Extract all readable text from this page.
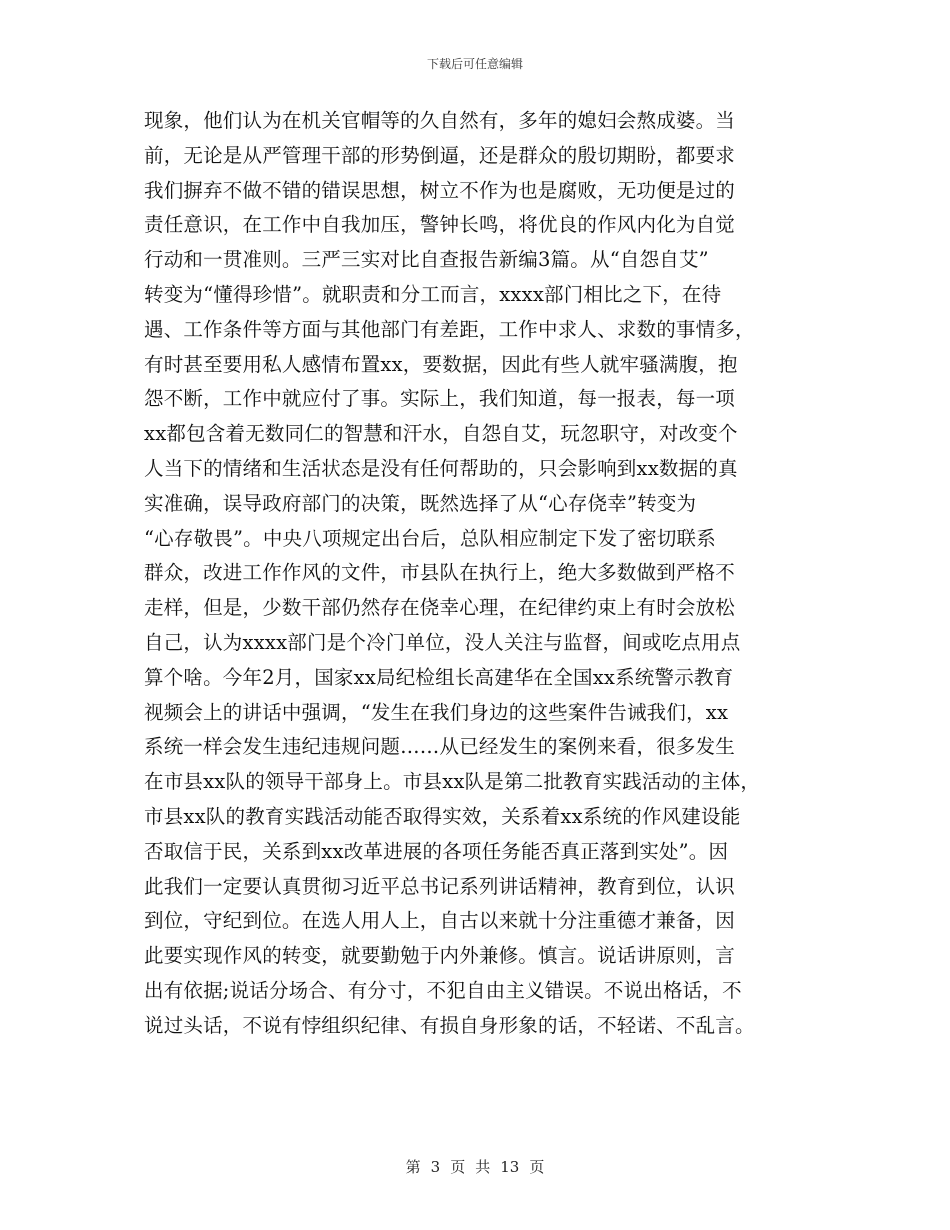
下载后可任意编辑
现象，他们认为在机关官帽等的久自然有，多年的媳妇会熬成婆。当
前，无论是从严管理干部的形势倒逼，还是群众的殷切期盼，都要求
我们摒弃不做不错的错误思想，树立不作为也是腐败，无功便是过的
责任意识，在工作中自我加压，警钟长鸣，将优良的作风内化为自觉
行动和一贯准则。三严三实对比自查报告新编3篇。从“自怨自艾”
转变为“懂得珍惜”。就职责和分工而言，xxxx部门相比之下，在待
遇、工作条件等方面与其他部门有差距，工作中求人、求数的事情多，
有时甚至要用私人感情布置xx，要数据，因此有些人就牢骚满腹，抱
怨不断，工作中就应付了事。实际上，我们知道，每一报表，每一项
xx都包含着无数同仁的智慧和汗水，自怨自艾，玩忽职守，对改变个
人当下的情绪和生活状态是没有任何帮助的，只会影响到xx数据的真
实准确，误导政府部门的决策，既然选择了从“心存侥幸”转变为
“心存敬畏”。中央八项规定出台后，总队相应制定下发了密切联系
群众，改进工作作风的文件，市县队在执行上，绝大多数做到严格不
走样，但是，少数干部仍然存在侥幸心理，在纪律约束上有时会放松
自己，认为xxxx部门是个冷门单位，没人关注与监督，间或吃点用点
算个啥。今年2月，国家xx局纪检组长高建华在全国xx系统警示教育
视频会上的讲话中强调，“发生在我们身边的这些案件告诫我们，xx
系统一样会发生违纪违规问题……从已经发生的案例来看，很多发生
在市县xx队的领导干部身上。市县xx队是第二批教育实践活动的主体，
市县xx队的教育实践活动能否取得实效，关系着xx系统的作风建设能
否取信于民，关系到xx改革进展的各项任务能否真正落到实处”。因
此我们一定要认真贯彻习近平总书记系列讲话精神，教育到位，认识
到位，守纪到位。在选人用人上，自古以来就十分注重德才兼备，因
此要实现作风的转变，就要勤勉于内外兼修。慎言。说话讲原则，言
出有依据;说话分场合、有分寸，不犯自由主义错误。不说出格话，不
说过头话，不说有悖组织纪律、有损自身形象的话，不轻诺、不乱言。
第 3 页 共 13 页
